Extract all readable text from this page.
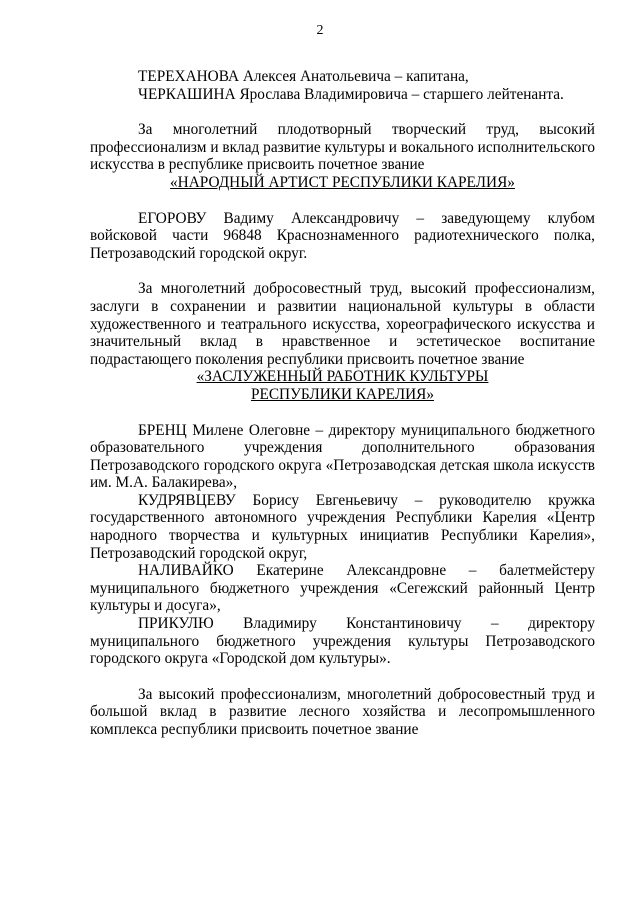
2

ТЕРЕХАНОВА Алексея Анатольевича – капитана,

ЧЕРКАШИНА Ярослава Владимировича – старшего лейтенанта.

За многолетний плодотворный творческий труд, высокий профессионализм и вклад развитие культуры и вокального исполнительского искусства в республике присвоить почетное звание

«НАРОДНЫЙ АРТИСТ РЕСПУБЛИКИ КАРЕЛИЯ»

ЕГОРОВУ Вадиму Александровичу – заведующему клубом войсковой части 96848 Краснознаменного радиотехнического полка, Петрозаводский городской округ.

За многолетний добросовестный труд, высокий профессионализм, заслуги в сохранении и развитии национальной культуры в области художественного и театрального искусства, хореографического искусства и значительный вклад в нравственное и эстетическое воспитание подрастающего поколения республики присвоить почетное звание

«ЗАСЛУЖЕННЫЙ РАБОТНИК КУЛЬТУРЫ

РЕСПУБЛИКИ КАРЕЛИЯ»

БРЕНЦ Милене Олеговне – директору муниципального бюджетного образовательного учреждения дополнительного образования Петрозаводского городского округа «Петрозаводская детская школа искусств им. М.А. Балакирева»,

КУДРЯВЦЕВУ Борису Евгеньевичу – руководителю кружка государственного автономного учреждения Республики Карелия «Центр народного творчества и культурных инициатив Республики Карелия», Петрозаводский городской округ,

НАЛИВАЙКО Екатерине Александровне – балетмейстеру муниципального бюджетного учреждения «Сегежский районный Центр культуры и досуга»,

ПРИКУЛЮ Владимиру Константиновичу – директору муниципального бюджетного учреждения культуры Петрозаводского городского округа «Городской дом культуры».

За высокий профессионализм, многолетний добросовестный труд и большой вклад в развитие лесного хозяйства и лесопромышленного комплекса республики присвоить почетное звание
